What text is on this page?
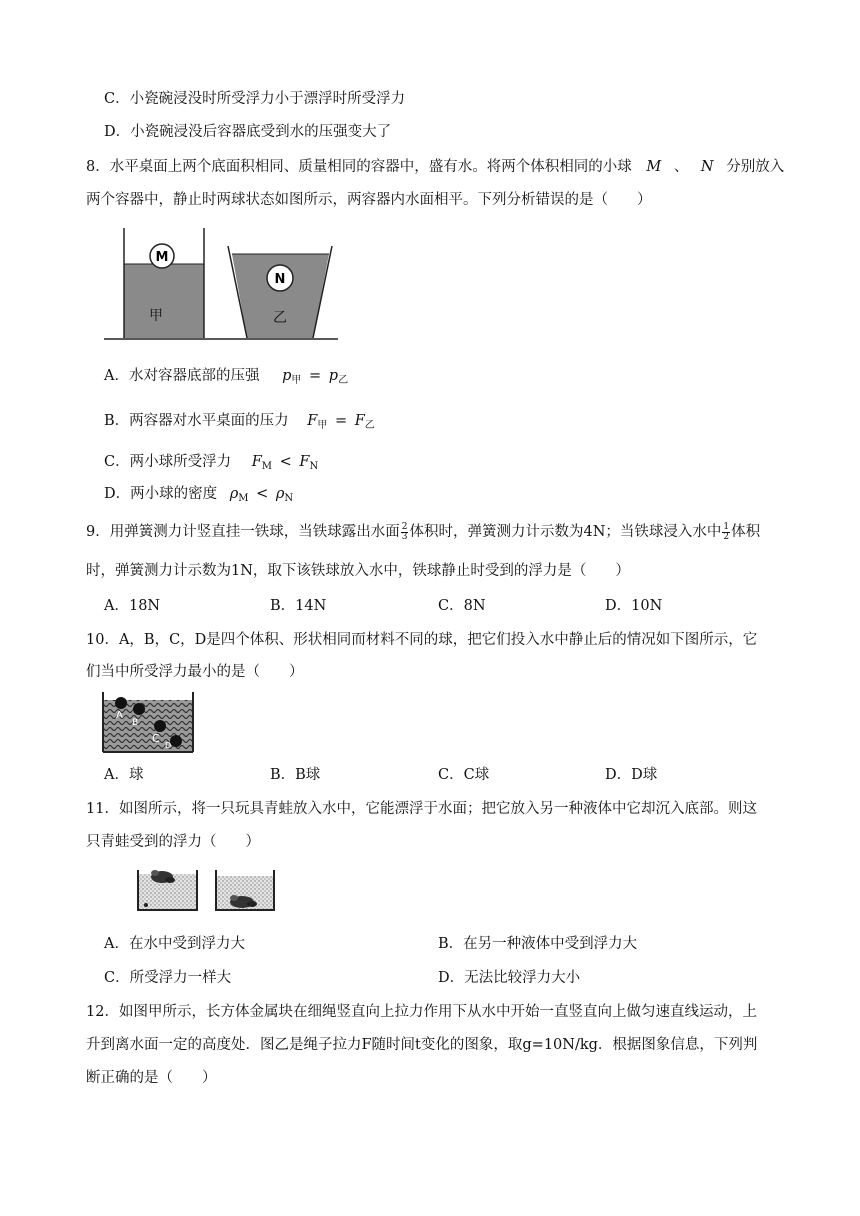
C．小瓷碗浸没时所受浮力小于漂浮时所受浮力
D．小瓷碗浸没后容器底受到水的压强变大了
8．水平桌面上两个底面积相同、质量相同的容器中，盛有水。将两个体积相同的小球 M 、 N 分别放入
两个容器中，静止时两球状态如图所示，两容器内水面相平。下列分析错误的是（　　）
M
甲
N
乙
A．水对容器底部的压强 $p_甲 = p_乙$
B．两容器对水平桌面的压力 $F_甲 = F_乙$
C．两小球所受浮力 $F_M < F_N$
D．两小球的密度 $\rho_M < \rho_N$
9．用弹簧测力计竖直挂一铁球，当铁球露出水面 $\frac{2}{3}$ 体积时，弹簧测力计示数为4N；当铁球浸入水中 $\frac{1}{2}$ 体积
时，弹簧测力计示数为1N，取下该铁球放入水中，铁球静止时受到的浮力是（　　）
A．18N	B．14N	C．8N	D．10N
10．A，B，C，D是四个体积、形状相同而材料不同的球，把它们投入水中静止后的情况如下图所示，它
们当中所受浮力最小的是（　　）
A
B
C
D
A．球	B．B球	C．C球	D．D球
11．如图所示，将一只玩具青蛙放入水中，它能漂浮于水面；把它放入另一种液体中它却沉入底部。则这
只青蛙受到的浮力（　　）
A．在水中受到浮力大	B．在另一种液体中受到浮力大
C．所受浮力一样大	D．无法比较浮力大小
12．如图甲所示，长方体金属块在细绳竖直向上拉力作用下从水中开始一直竖直向上做匀速直线运动，上
升到离水面一定的高度处．图乙是绳子拉力F随时间t变化的图象，取g=10N/kg．根据图象信息，下列判
断正确的是（　　）
